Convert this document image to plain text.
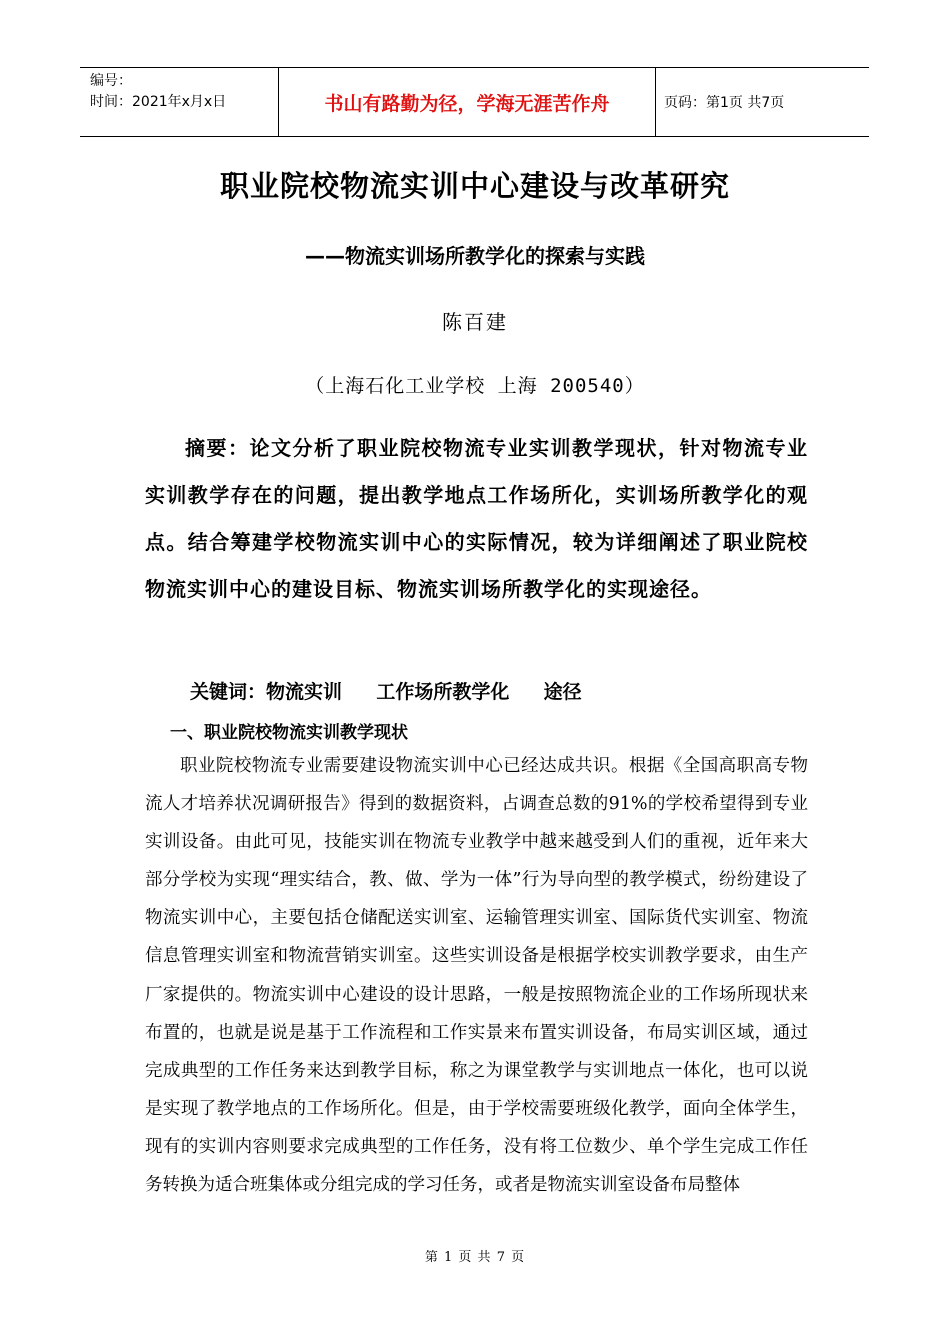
编号：
时间：2021年x月x日	书山有路勤为径，学海无涯苦作舟	页码：第1页 共7页
职业院校物流实训中心建设与改革研究
——物流实训场所教学化的探索与实践
陈百建
（上海石化工业学校 上海 200540）
摘要：论文分析了职业院校物流专业实训教学现状，针对物流专业实训教学存在的问题，提出教学地点工作场所化，实训场所教学化的观点。结合筹建学校物流实训中心的实际情况，较为详细阐述了职业院校物流实训中心的建设目标、物流实训场所教学化的实现途径。
关键词：物流实训   工作场所教学化   途径
一、职业院校物流实训教学现状
职业院校物流专业需要建设物流实训中心已经达成共识。根据《全国高职高专物流人才培养状况调研报告》得到的数据资料，占调查总数的91%的学校希望得到专业实训设备。由此可见，技能实训在物流专业教学中越来越受到人们的重视，近年来大部分学校为实现“理实结合，教、做、学为一体”行为导向型的教学模式，纷纷建设了物流实训中心，主要包括仓储配送实训室、运输管理实训室、国际货代实训室、物流信息管理实训室和物流营销实训室。这些实训设备是根据学校实训教学要求，由生产厂家提供的。物流实训中心建设的设计思路，一般是按照物流企业的工作场所现状来布置的，也就是说是基于工作流程和工作实景来布置实训设备，布局实训区域，通过完成典型的工作任务来达到教学目标，称之为课堂教学与实训地点一体化，也可以说是实现了教学地点的工作场所化。但是，由于学校需要班级化教学，面向全体学生，现有的实训内容则要求完成典型的工作任务，没有将工位数少、单个学生完成工作任务转换为适合班集体或分组完成的学习任务，或者是物流实训室设备布局整体
第 1 页 共 7 页
